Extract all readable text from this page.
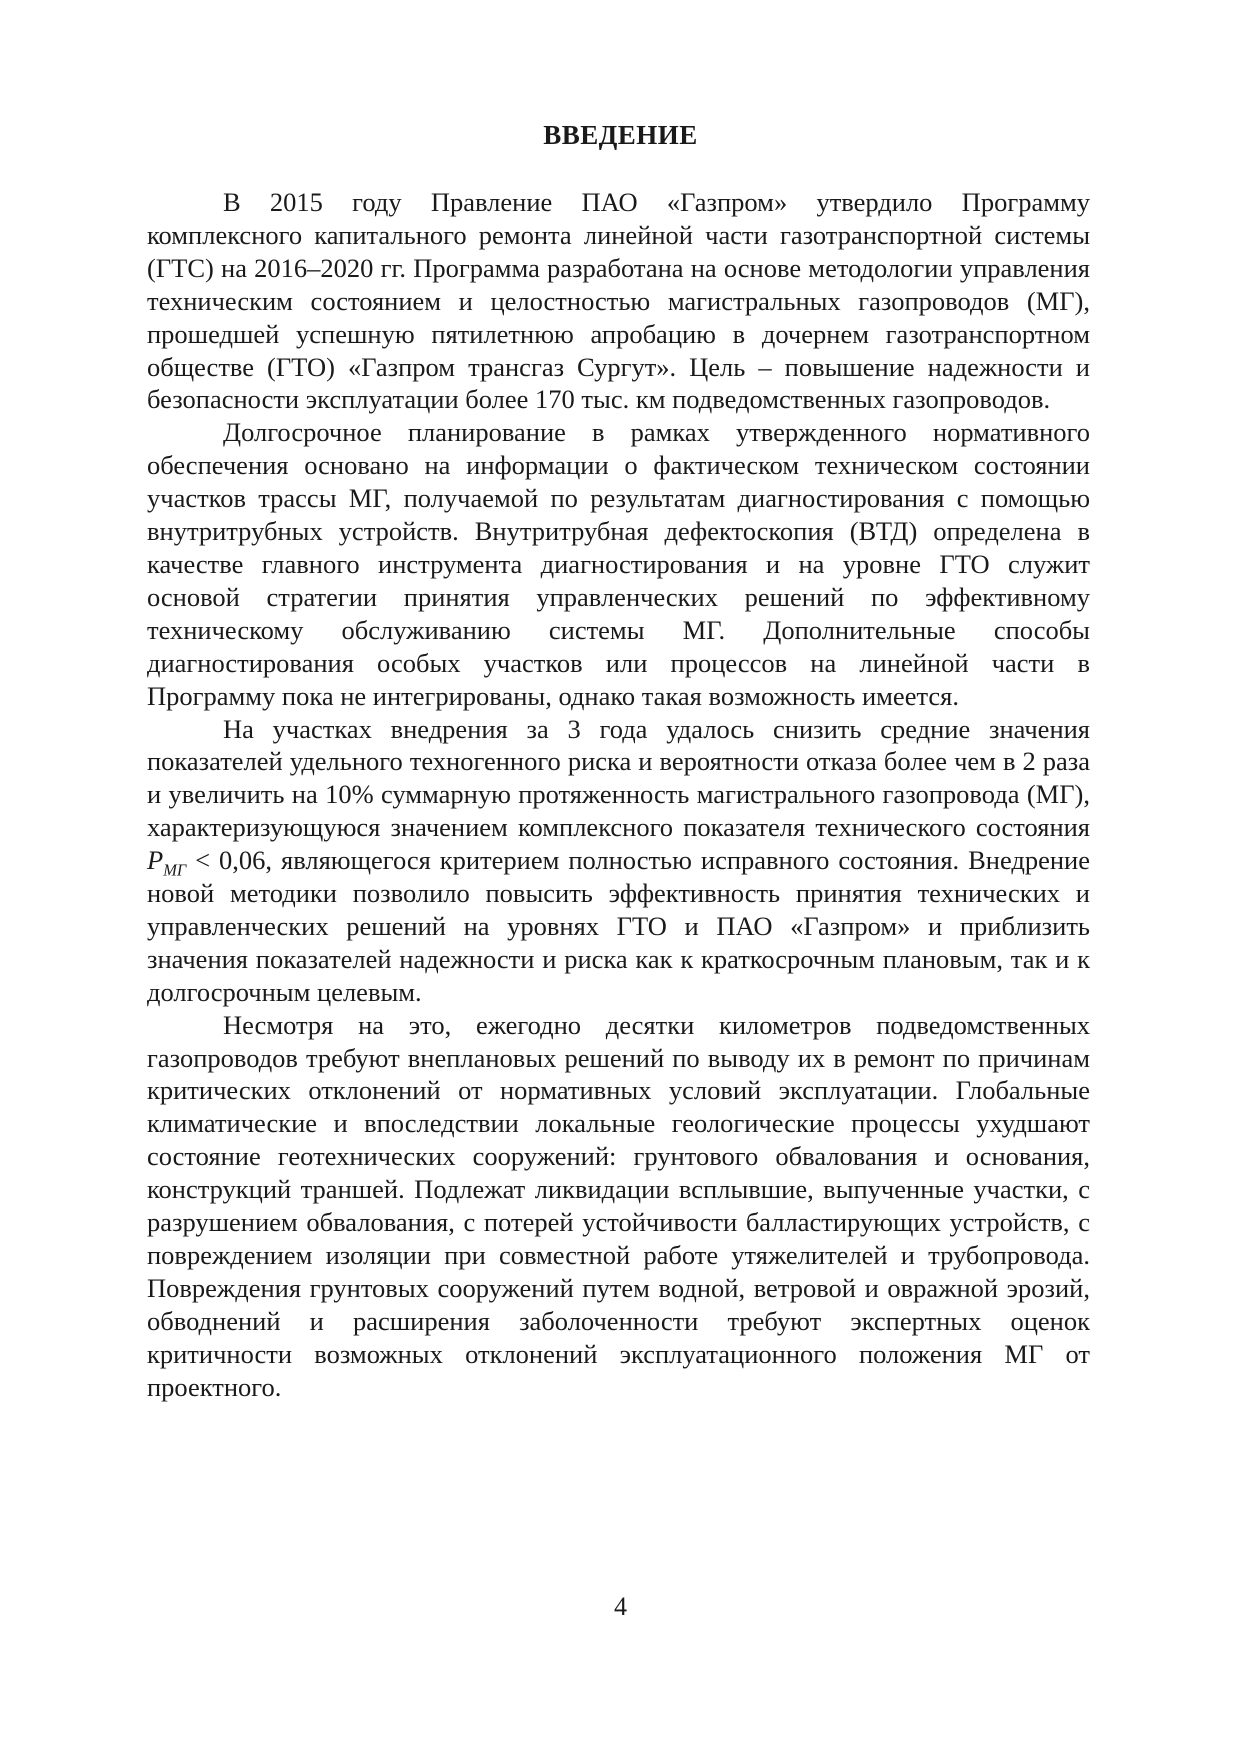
ВВЕДЕНИЕ

В 2015 году Правление ПАО «Газпром» утвердило Программу комплексного капитального ремонта линейной части газотранспортной системы (ГТС) на 2016–2020 гг. Программа разработана на основе методологии управления техническим состоянием и целостностью магистральных газопроводов (МГ), прошедшей успешную пятилетнюю апробацию в дочернем газотранспортном обществе (ГТО) «Газпром трансгаз Сургут». Цель – повышение надежности и безопасности эксплуатации более 170 тыс. км подведомственных газопроводов.

Долгосрочное планирование в рамках утвержденного нормативного обеспечения основано на информации о фактическом техническом состоянии участков трассы МГ, получаемой по результатам диагностирования с помощью внутритрубных устройств. Внутритрубная дефектоскопия (ВТД) определена в качестве главного инструмента диагностирования и на уровне ГТО служит основой стратегии принятия управленческих решений по эффективному техническому обслуживанию системы МГ. Дополнительные способы диагностирования особых участков или процессов на линейной части в Программу пока не интегрированы, однако такая возможность имеется.

На участках внедрения за 3 года удалось снизить средние значения показателей удельного техногенного риска и вероятности отказа более чем в 2 раза и увеличить на 10% суммарную протяженность магистрального газопровода (МГ), характеризующуюся значением комплексного показателя технического состояния $P_{МГ} < 0,06$, являющегося критерием полностью исправного состояния. Внедрение новой методики позволило повысить эффективность принятия технических и управленческих решений на уровнях ГТО и ПАО «Газпром» и приблизить значения показателей надежности и риска как к краткосрочным плановым, так и к долгосрочным целевым.

Несмотря на это, ежегодно десятки километров подведомственных газопроводов требуют внеплановых решений по выводу их в ремонт по причинам критических отклонений от нормативных условий эксплуатации. Глобальные климатические и впоследствии локальные геологические процессы ухудшают состояние геотехнических сооружений: грунтового обвалования и основания, конструкций траншей. Подлежат ликвидации всплывшие, выпученные участки, с разрушением обвалования, с потерей устойчивости балластирующих устройств, с повреждением изоляции при совместной работе утяжелителей и трубопровода. Повреждения грунтовых сооружений путем водной, ветровой и овражной эрозий, обводнений и расширения заболоченности требуют экспертных оценок критичности возможных отклонений эксплуатационного положения МГ от проектного.

4
